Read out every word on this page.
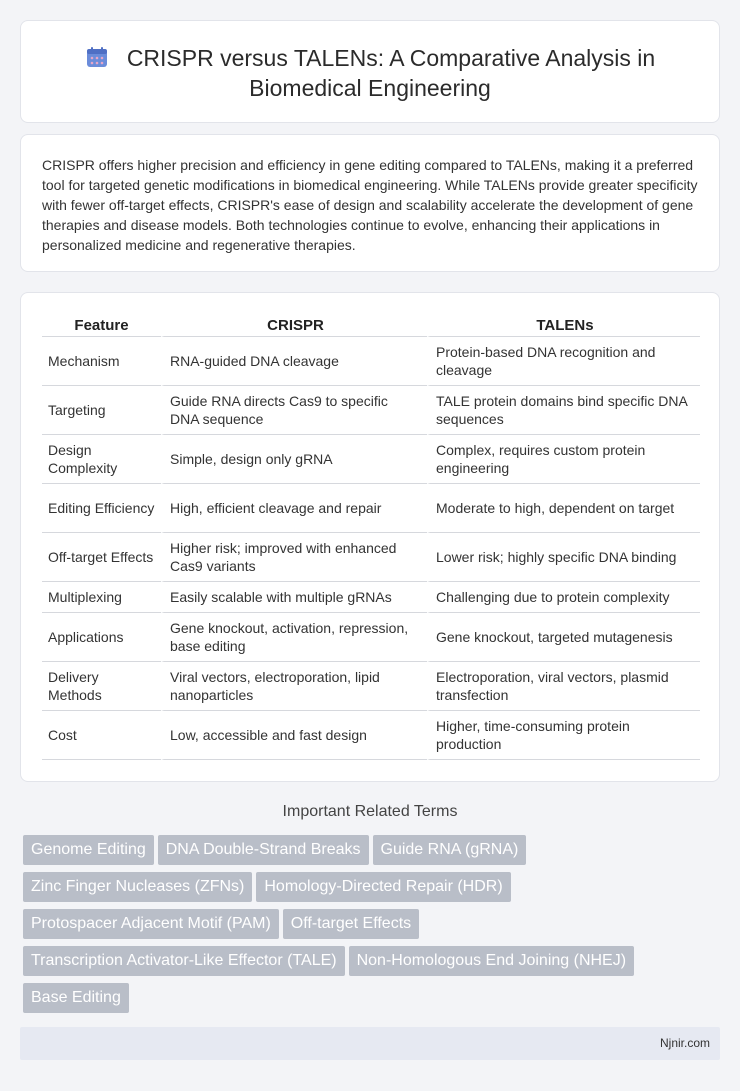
CRISPR versus TALENs: A Comparative Analysis in
Biomedical Engineering

CRISPR offers higher precision and efficiency in gene editing compared to TALENs, making it a preferred tool for targeted genetic modifications in biomedical engineering. While TALENs provide greater specificity with fewer off-target effects, CRISPR's ease of design and scalability accelerate the development of gene therapies and disease models. Both technologies continue to evolve, enhancing their applications in personalized medicine and regenerative therapies.

Feature	CRISPR	TALENs
Mechanism	RNA-guided DNA cleavage	Protein-based DNA recognition and cleavage
Targeting	Guide RNA directs Cas9 to specific DNA sequence	TALE protein domains bind specific DNA sequences
Design Complexity	Simple, design only gRNA	Complex, requires custom protein engineering
Editing Efficiency	High, efficient cleavage and repair	Moderate to high, dependent on target
Off-target Effects	Higher risk; improved with enhanced Cas9 variants	Lower risk; highly specific DNA binding
Multiplexing	Easily scalable with multiple gRNAs	Challenging due to protein complexity
Applications	Gene knockout, activation, repression, base editing	Gene knockout, targeted mutagenesis
Delivery Methods	Viral vectors, electroporation, lipid nanoparticles	Electroporation, viral vectors, plasmid transfection
Cost	Low, accessible and fast design	Higher, time-consuming protein production
Important Related Terms
Genome Editing DNA Double-Strand Breaks Guide RNA (gRNA)
Zinc Finger Nucleases (ZFNs) Homology-Directed Repair (HDR)
Protospacer Adjacent Motif (PAM) Off-target Effects
Transcription Activator-Like Effector (TALE) Non-Homologous End Joining (NHEJ)
Base Editing
Njnir.com
